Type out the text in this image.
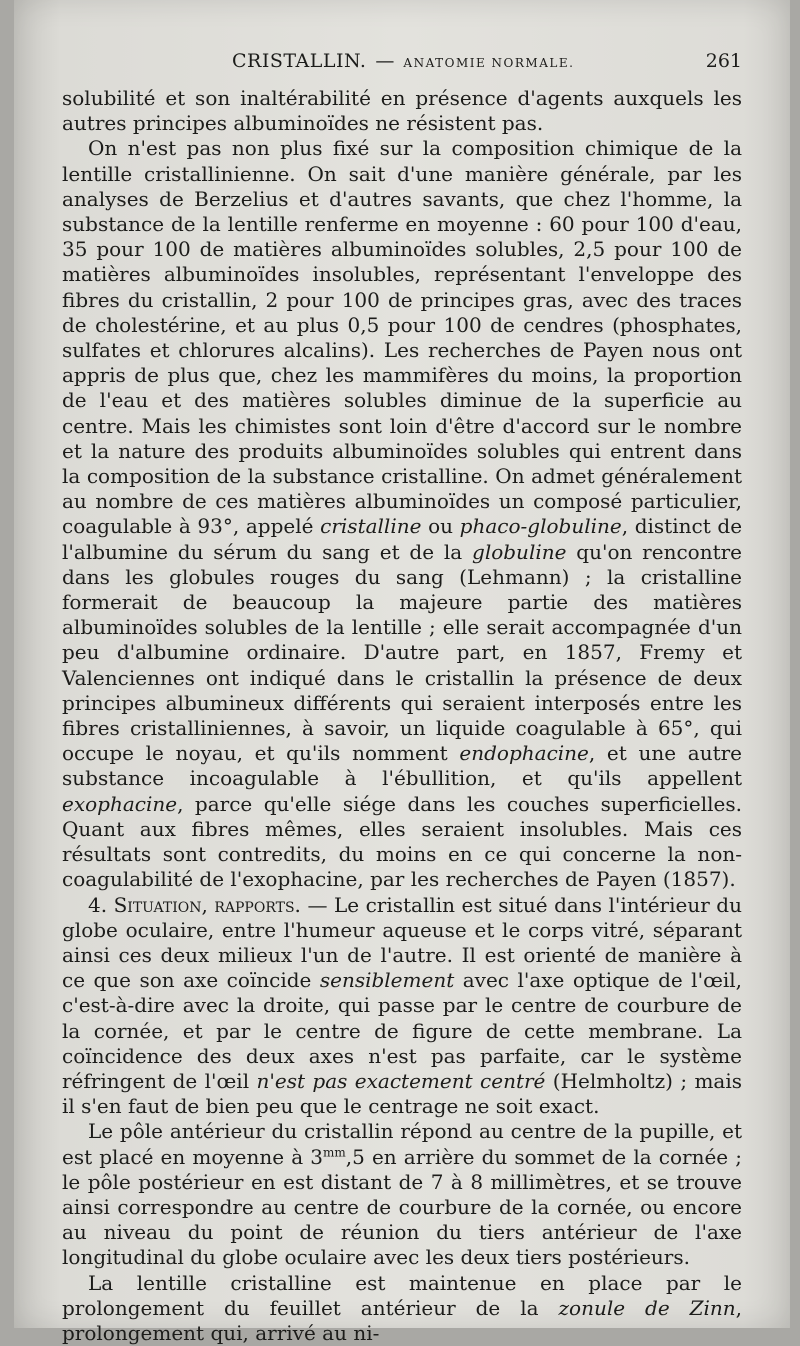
CRISTALLIN. — ANATOMIE NORMALE.	261

solubilité et son inaltérabilité en présence d'agents auxquels les autres principes albuminoïdes ne résistent pas.

On n'est pas non plus fixé sur la composition chimique de la lentille cristallinienne. On sait d'une manière générale, par les analyses de Berzelius et d'autres savants, que chez l'homme, la substance de la lentille renferme en moyenne : 60 pour 100 d'eau, 35 pour 100 de matières albuminoïdes solubles, 2,5 pour 100 de matières albuminoïdes insolubles, représentant l'enveloppe des fibres du cristallin, 2 pour 100 de principes gras, avec des traces de cholestérine, et au plus 0,5 pour 100 de cendres (phosphates, sulfates et chlorures alcalins). Les recherches de Payen nous ont appris de plus que, chez les mammifères du moins, la proportion de l'eau et des matières solubles diminue de la superficie au centre. Mais les chimistes sont loin d'être d'accord sur le nombre et la nature des produits albuminoïdes solubles qui entrent dans la composition de la substance cristalline. On admet généralement au nombre de ces matières albuminoïdes un composé particulier, coagulable à 93°, appelé cristalline ou phaco-globuline, distinct de l'albumine du sérum du sang et de la globuline qu'on rencontre dans les globules rouges du sang (Lehmann) ; la cristalline formerait de beaucoup la majeure partie des matières albuminoïdes solubles de la lentille ; elle serait accompagnée d'un peu d'albumine ordinaire. D'autre part, en 1857, Fremy et Valenciennes ont indiqué dans le cristallin la présence de deux principes albumineux différents qui seraient interposés entre les fibres cristalliniennes, à savoir, un liquide coagulable à 65°, qui occupe le noyau, et qu'ils nomment endophacine, et une autre substance incoagulable à l'ébullition, et qu'ils appellent exophacine, parce qu'elle siége dans les couches superficielles. Quant aux fibres mêmes, elles seraient insolubles. Mais ces résultats sont contredits, du moins en ce qui concerne la non-coagulabilité de l'exophacine, par les recherches de Payen (1857).

4. Situation, rapports. — Le cristallin est situé dans l'intérieur du globe oculaire, entre l'humeur aqueuse et le corps vitré, séparant ainsi ces deux milieux l'un de l'autre. Il est orienté de manière à ce que son axe coïncide sensiblement avec l'axe optique de l'œil, c'est-à-dire avec la droite, qui passe par le centre de courbure de la cornée, et par le centre de figure de cette membrane. La coïncidence des deux axes n'est pas parfaite, car le système réfringent de l'œil n'est pas exactement centré (Helmholtz) ; mais il s'en faut de bien peu que le centrage ne soit exact.

Le pôle antérieur du cristallin répond au centre de la pupille, et est placé en moyenne à $3^{mm},5$ en arrière du sommet de la cornée ; le pôle postérieur en est distant de 7 à 8 millimètres, et se trouve ainsi correspondre au centre de courbure de la cornée, ou encore au niveau du point de réunion du tiers antérieur de l'axe longitudinal du globe oculaire avec les deux tiers postérieurs.

La lentille cristalline est maintenue en place par le prolongement du feuillet antérieur de la zonule de Zinn, prolongement qui, arrivé au ni-
